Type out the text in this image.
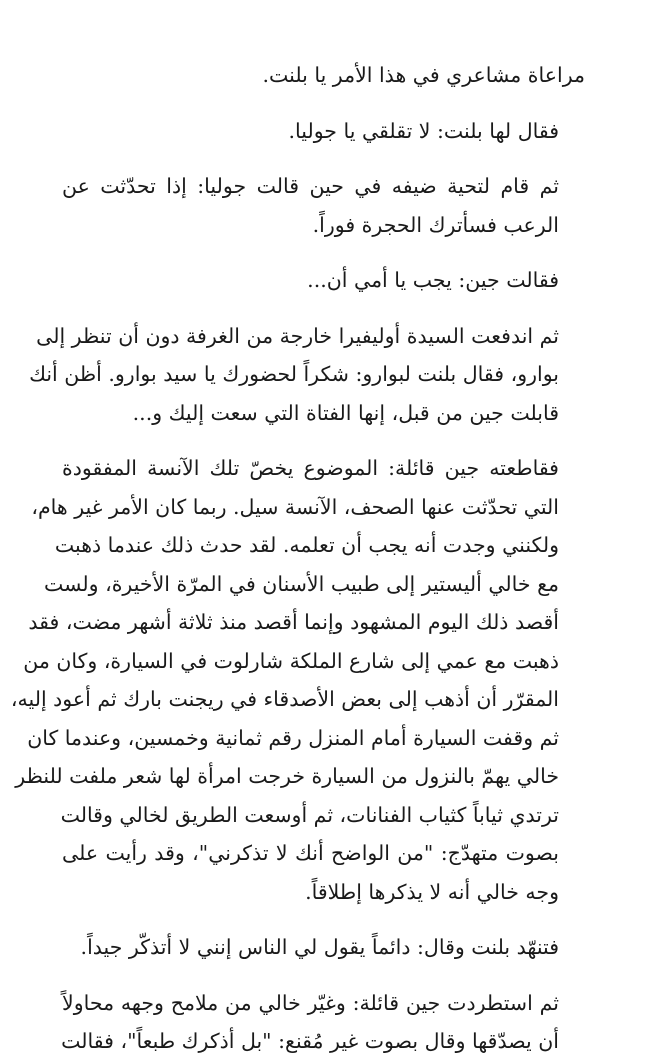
مراعاة مشاعري في هذا الأمر يا بلنت.
فقال لها بلنت: لا تقلقي يا جوليا.
ثم قام لتحية ضيفه في حين قالت جوليا: إذا تحدّثت عن
الرعب فسأترك الحجرة فوراً.
فقالت جين: يجب يا أمي أن...
ثم اندفعت السيدة أوليفيرا خارجة من الغرفة دون أن تنظر إلى
بوارو، فقال بلنت لبوارو: شكراً لحضورك يا سيد بوارو. أظن أنك
قابلت جين من قبل، إنها الفتاة التي سعت إليك و...
فقاطعته جين قائلة: الموضوع يخصّ تلك الآنسة المفقودة
التي تحدّثت عنها الصحف، الآنسة سيل. ربما كان الأمر غير هام،
ولكنني وجدت أنه يجب أن تعلمه. لقد حدث ذلك عندما ذهبت
مع خالي أليستير إلى طبيب الأسنان في المرّة الأخيرة، ولست
أقصد ذلك اليوم المشهود وإنما أقصد منذ ثلاثة أشهر مضت، فقد
ذهبت مع عمي إلى شارع الملكة شارلوت في السيارة، وكان من
المقرّر أن أذهب إلى بعض الأصدقاء في ريجنت بارك ثم أعود إليه،
ثم وقفت السيارة أمام المنزل رقم ثمانية وخمسين، وعندما كان
خالي يهمّ بالنزول من السيارة خرجت امرأة لها شعر ملفت للنظر
ترتدي ثياباً كثياب الفنانات، ثم أوسعت الطريق لخالي وقالت
بصوت متهدّج: "من الواضح أنك لا تذكرني"، وقد رأيت على
وجه خالي أنه لا يذكرها إطلاقاً.
فتنهّد بلنت وقال: دائماً يقول لي الناس إنني لا أتذكّر جيداً.
ثم استطردت جين قائلة: وغيّر خالي من ملامح وجهه محاولاً
أن يصدّقها وقال بصوت غير مُقنع: "بل أذكرك طبعاً"، فقالت
